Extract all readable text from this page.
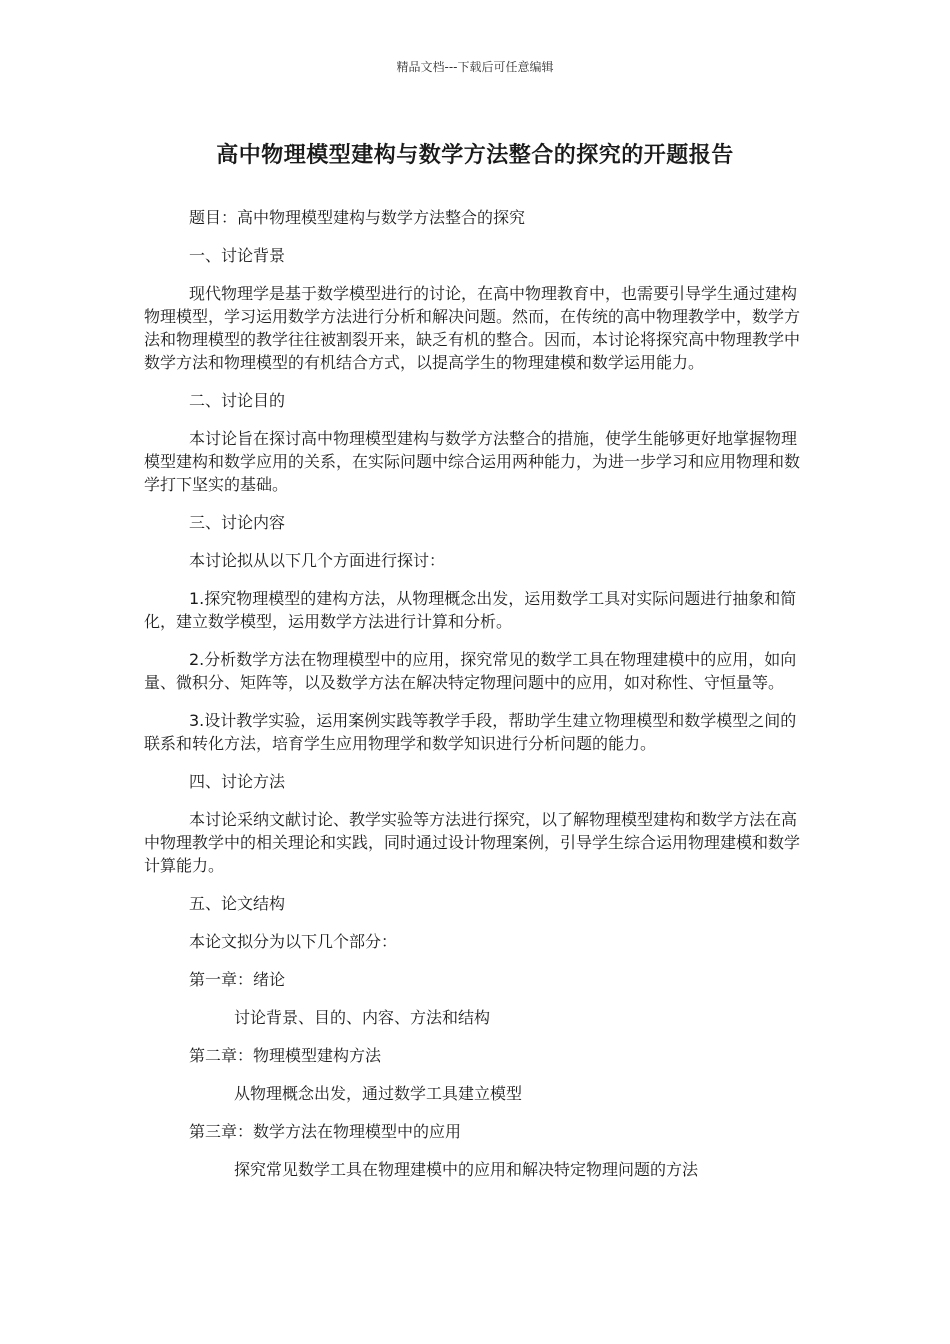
精品文档---下载后可任意编辑
高中物理模型建构与数学方法整合的探究的开题报告

题目：高中物理模型建构与数学方法整合的探究

一、讨论背景

现代物理学是基于数学模型进行的讨论，在高中物理教育中，也需要引导学生通过建构物理模型，学习运用数学方法进行分析和解决问题。然而，在传统的高中物理教学中，数学方法和物理模型的教学往往被割裂开来，缺乏有机的整合。因而，本讨论将探究高中物理教学中数学方法和物理模型的有机结合方式，以提高学生的物理建模和数学运用能力。

二、讨论目的

本讨论旨在探讨高中物理模型建构与数学方法整合的措施，使学生能够更好地掌握物理模型建构和数学应用的关系，在实际问题中综合运用两种能力，为进一步学习和应用物理和数学打下坚实的基础。

三、讨论内容

本讨论拟从以下几个方面进行探讨：

1.探究物理模型的建构方法，从物理概念出发，运用数学工具对实际问题进行抽象和简化，建立数学模型，运用数学方法进行计算和分析。

2.分析数学方法在物理模型中的应用，探究常见的数学工具在物理建模中的应用，如向量、微积分、矩阵等，以及数学方法在解决特定物理问题中的应用，如对称性、守恒量等。

3.设计教学实验，运用案例实践等教学手段，帮助学生建立物理模型和数学模型之间的联系和转化方法，培育学生应用物理学和数学知识进行分析问题的能力。

四、讨论方法

本讨论采纳文献讨论、教学实验等方法进行探究，以了解物理模型建构和数学方法在高中物理教学中的相关理论和实践，同时通过设计物理案例，引导学生综合运用物理建模和数学计算能力。

五、论文结构

本论文拟分为以下几个部分：

第一章：绪论

讨论背景、目的、内容、方法和结构

第二章：物理模型建构方法

从物理概念出发，通过数学工具建立模型

第三章：数学方法在物理模型中的应用

探究常见数学工具在物理建模中的应用和解决特定物理问题的方法
